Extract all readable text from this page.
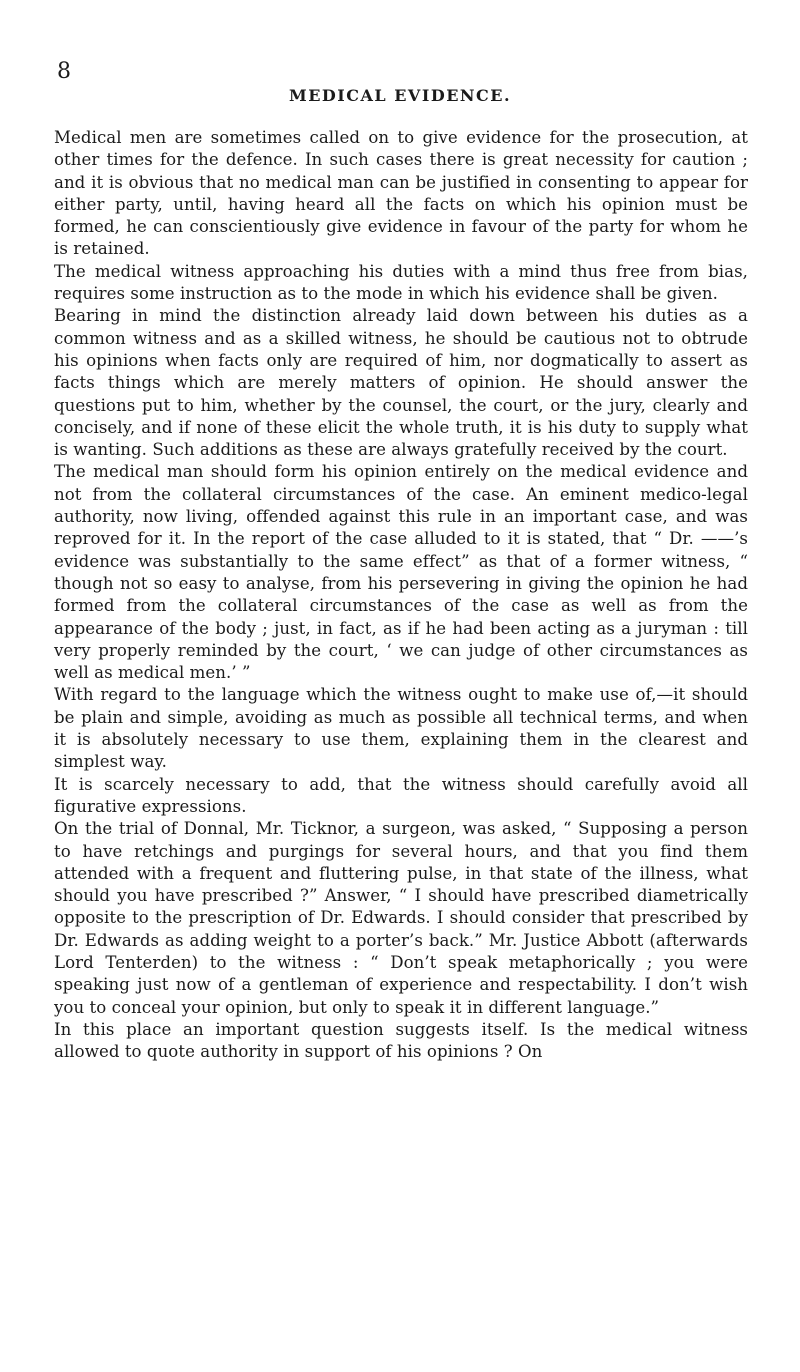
8
MEDICAL EVIDENCE.

Medical men are sometimes called on to give evidence for the prosecution, at other times for the defence. In such cases there is great necessity for caution ; and it is obvious that no medical man can be justified in consenting to appear for either party, until, having heard all the facts on which his opinion must be formed, he can conscientiously give evidence in favour of the party for whom he is retained.

The medical witness approaching his duties with a mind thus free from bias, requires some instruction as to the mode in which his evidence shall be given.

Bearing in mind the distinction already laid down between his duties as a common witness and as a skilled witness, he should be cautious not to obtrude his opinions when facts only are required of him, nor dogmatically to assert as facts things which are merely matters of opinion. He should answer the questions put to him, whether by the counsel, the court, or the jury, clearly and concisely, and if none of these elicit the whole truth, it is his duty to supply what is wanting. Such additions as these are always gratefully received by the court.

The medical man should form his opinion entirely on the medical evidence and not from the collateral circumstances of the case. An eminent medico-legal authority, now living, offended against this rule in an important case, and was reproved for it. In the report of the case alluded to it is stated, that “ Dr. ——’s evidence was substantially to the same effect” as that of a former witness, “ though not so easy to analyse, from his persevering in giving the opinion he had formed from the collateral circumstances of the case as well as from the appearance of the body ; just, in fact, as if he had been acting as a juryman : till very properly reminded by the court, ‘ we can judge of other circumstances as well as medical men.’ ”

With regard to the language which the witness ought to make use of,—it should be plain and simple, avoiding as much as possible all technical terms, and when it is absolutely necessary to use them, explaining them in the clearest and simplest way.

It is scarcely necessary to add, that the witness should carefully avoid all figurative expressions.

On the trial of Donnal, Mr. Ticknor, a surgeon, was asked, “ Supposing a person to have retchings and purgings for several hours, and that you find them attended with a frequent and fluttering pulse, in that state of the illness, what should you have prescribed ?” Answer, “ I should have prescribed diametrically opposite to the prescription of Dr. Edwards. I should consider that prescribed by Dr. Edwards as adding weight to a porter’s back.” Mr. Justice Abbott (afterwards Lord Tenterden) to the witness : “ Don’t speak metaphorically ; you were speaking just now of a gentleman of experience and respectability. I don’t wish you to conceal your opinion, but only to speak it in different language.”

In this place an important question suggests itself. Is the medical witness allowed to quote authority in support of his opinions ? On
